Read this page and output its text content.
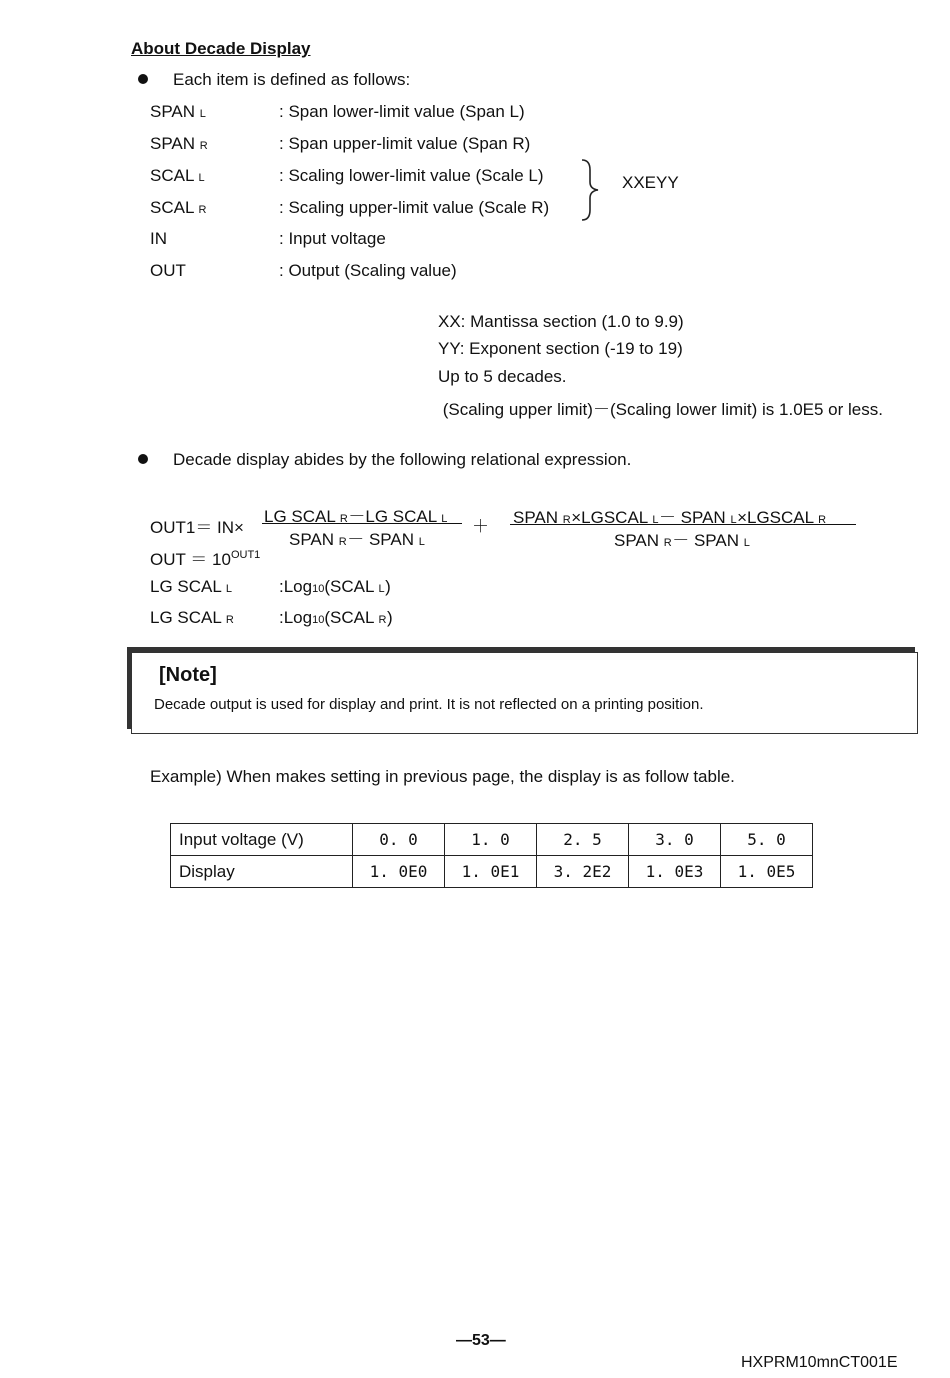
About Decade Display
Each item is defined as follows:
SPAN L	: Span lower-limit value (Span L)
SPAN R	: Span upper-limit value (Span R)
SCAL L	: Scaling lower-limit value (Scale L)
SCAL R	: Scaling upper-limit value (Scale R)
IN	: Input voltage
OUT	: Output (Scaling value)
XXEYY
XX: Mantissa section (1.0 to 9.9)
YY: Exponent section (-19 to 19)
Up to 5 decades.
(Scaling upper limit)－(Scaling lower limit) is 1.0E5 or less.
Decade display abides by the following relational expression.
OUT1＝ IN×
LG SCAL R－LG SCAL L
SPAN R－ SPAN L
＋ SPAN R×LGSCAL L－ SPAN L×LGSCAL R
SPAN R－ SPAN L
OUT ＝ $10^{OUT1}$
LG SCAL L	:Log10(SCAL L)
LG SCAL R	:Log10(SCAL R)
[Note]
Decade output is used for display and print. It is not reflected on a printing position.
Example) When makes setting in previous page, the display is as follow table.
Input voltage (V)	0. 0	1. 0	2. 5	3. 0	5. 0
Display	1. 0E0	1. 0E1	3. 2E2	1. 0E3	1. 0E5
—53—
HXPRM10mnCT001E
